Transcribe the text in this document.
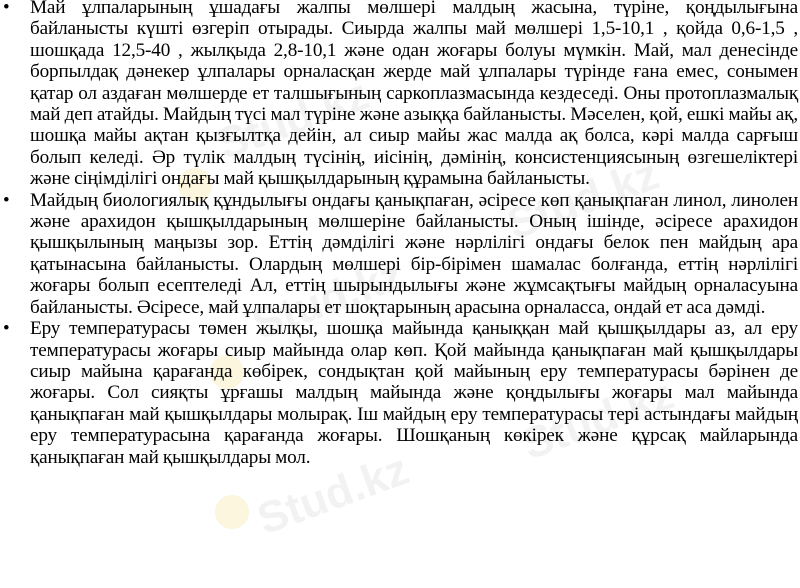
Stud.kz
Stud.kz
Stud.kz
Stud.kz
Stud.kz
• Май ұлпаларының ұшадағы жалпы мөлшері малдың жасына, түріне, қоңдылығына байланысты күшті өзгеріп отырады. Сиырда жалпы май мөлшері 1,5-10,1 , қойда 0,6-1,5 , шошқада 12,5-40 , жылқыда 2,8-10,1 және одан жоғары болуы мүмкін. Май, мал денесінде борпылдақ дәнекер ұлпалары орналасқан жерде май ұлпалары түрінде ғана емес, сонымен қатар ол аздаған мөлшерде ет талшығының саркоплазмасында кездеседі. Оны протоплазмалық май деп атайды. Майдың түсі мал түріне және азыққа байланысты. Мәселен, қой, ешкі майы ақ, шошқа майы ақтан қызғылтқа дейін, ал сиыр майы жас малда ақ болса, кәрі малда сарғыш болып келеді. Әр түлік малдың түсінің, иісінің, дәмінің, консистенциясының өзгешеліктері және сіңімділігі ондағы май қышқылдарының құрамына байланысты.
• Майдың биологиялық құндылығы ондағы қанықпаған, әсіресе көп қанықпаған линол, линолен және арахидон қышқылдарының мөлшеріне байланысты. Оның ішінде, әсіресе арахидон қышқылының маңызы зор. Еттің дәмділігі және нәрлілігі ондағы белок пен майдың ара қатынасына байланысты. Олардың мөлшері бір-бірімен шамалас болғанда, еттің нәрлілігі жоғары болып есептеледі Ал, еттің шырындылығы және жұмсақтығы майдың орналасуына байланысты. Әсіресе, май ұлпалары ет шоқтарының арасына орналасса, ондай ет аса дәмді.
• Еру температурасы төмен жылқы, шошқа майында қаныққан май қышқылдары аз, ал еру температурасы жоғары сиыр майында олар көп. Қой майында қанықпаған май қышқылдары сиыр майына қарағанда көбірек, сондықтан қой майының еру температурасы бәрінен де жоғары. Сол сияқты ұрғашы малдың майында және қоңдылығы жоғары мал майында қанықпаған май қышқылдары молырақ. Іш майдың еру температурасы тері астындағы майдың еру температурасына қарағанда жоғары. Шошқаның көкірек және құрсақ майларында қанықпаған май қышқылдары мол.
